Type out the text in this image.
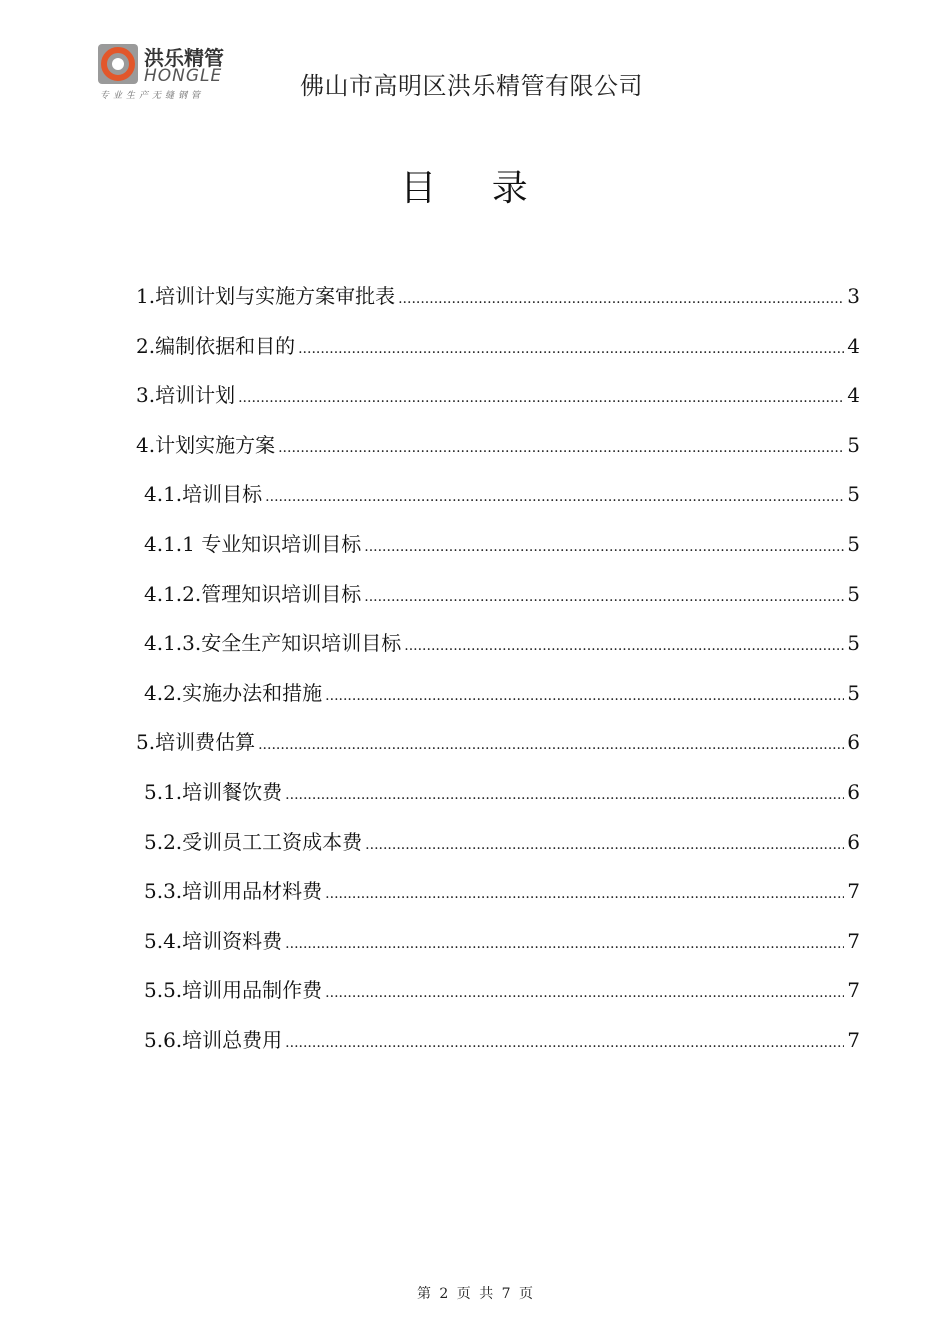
洪乐精管
HONGLE
专业生产无缝钢管	佛山市高明区洪乐精管有限公司
目 录
1.培训计划与实施方案审批表 .....	3
2.编制依据和目的 .....	4
3.培训计划 .....	4
4.计划实施方案 .....	5
4.1.培训目标 .....	5
4.1.1 专业知识培训目标 .....	5
4.1.2.管理知识培训目标 .....	5
4.1.3.安全生产知识培训目标 .....	5
4.2.实施办法和措施 .....	5
5.培训费估算 .....	6
5.1.培训餐饮费 .....	6
5.2.受训员工工资成本费 .....	6
5.3.培训用品材料费 .....	7
5.4.培训资料费 .....	7
5.5.培训用品制作费 .....	7
5.6.培训总费用 .....	7
第 2 页 共 7 页
